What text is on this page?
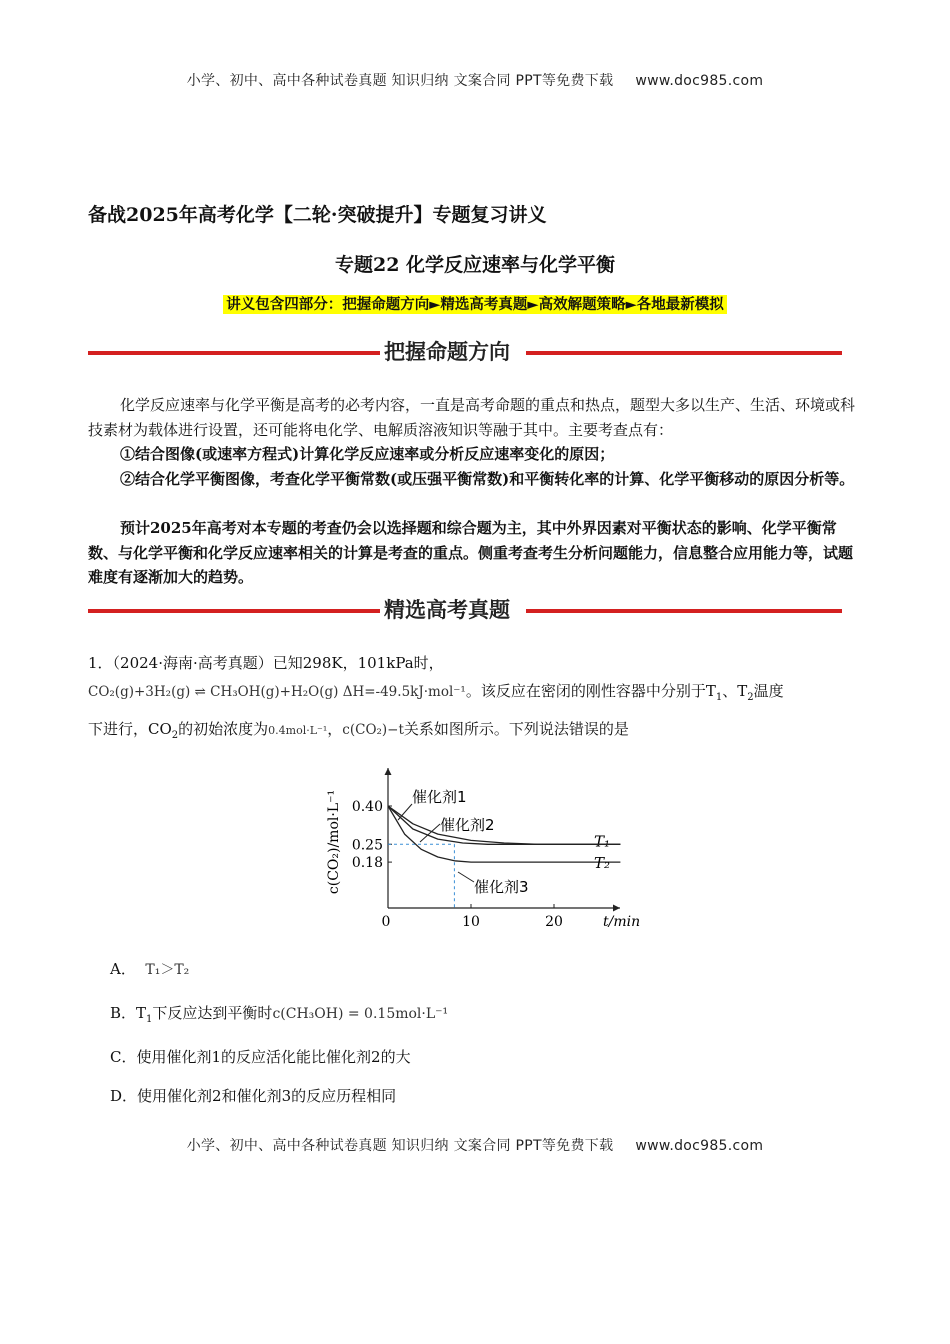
小学、初中、高中各种试卷真题 知识归纳 文案合同 PPT等免费下载 www.doc985.com
备战2025年高考化学【二轮·突破提升】专题复习讲义
专题22 化学反应速率与化学平衡
讲义包含四部分：把握命题方向►精选高考真题►高效解题策略►各地最新模拟
把握命题方向
化学反应速率与化学平衡是高考的必考内容，一直是高考命题的重点和热点，题型大多以生产、生活、环境或科技素材为载体进行设置，还可能将电化学、电解质溶液知识等融于其中。主要考查点有：
①结合图像(或速率方程式)计算化学反应速率或分析反应速率变化的原因；
②结合化学平衡图像，考查化学平衡常数(或压强平衡常数)和平衡转化率的计算、化学平衡移动的原因分析等。
预计2025年高考对本专题的考查仍会以选择题和综合题为主，其中外界因素对平衡状态的影响、化学平衡常数、与化学平衡和化学反应速率相关的计算是考查的重点。侧重考查考生分析问题能力，信息整合应用能力等，试题难度有逐渐加大的趋势。
精选高考真题
1．（2024·海南·高考真题）已知298K，101kPa时，
CO₂(g)+3H₂(g) ⇌ CH₃OH(g)+H₂O(g) ΔH=-49.5kJ·mol⁻¹。该反应在密闭的刚性容器中分别于$T_1$、$T_2$温度
下进行，$CO_2$的初始浓度为0.4mol·L⁻¹，c(CO₂)−t关系如图所示。下列说法错误的是
0	10	20
0.40
0.25
0.18
T₁
T₂
催化剂1
催化剂2
催化剂3
c(CO₂)/mol·L⁻¹
t/min
A． T₁＞T₂
B．$T_1$下反应达到平衡时c(CH₃OH) = 0.15mol·L⁻¹
C．使用催化剂1的反应活化能比催化剂2的大
D．使用催化剂2和催化剂3的反应历程相同
小学、初中、高中各种试卷真题 知识归纳 文案合同 PPT等免费下载 www.doc985.com
